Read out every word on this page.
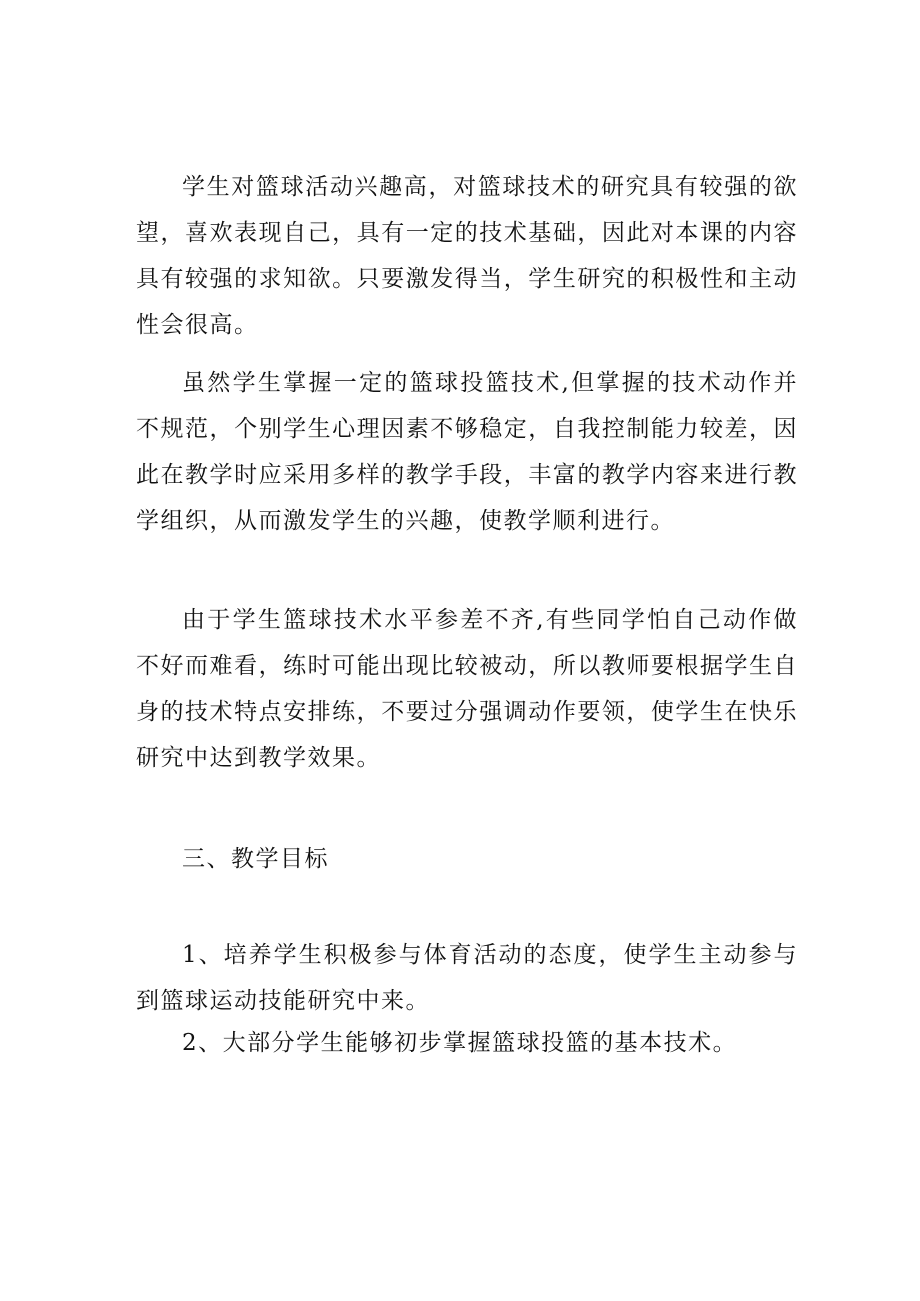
学生对篮球活动兴趣高，对篮球技术的研究具有较强的欲望，喜欢表现自己，具有一定的技术基础，因此对本课的内容具有较强的求知欲。只要激发得当，学生研究的积极性和主动性会很高。

虽然学生掌握一定的篮球投篮技术,但掌握的技术动作并不规范，个别学生心理因素不够稳定，自我控制能力较差，因此在教学时应采用多样的教学手段，丰富的教学内容来进行教学组织，从而激发学生的兴趣，使教学顺利进行。

由于学生篮球技术水平参差不齐,有些同学怕自己动作做不好而难看，练时可能出现比较被动，所以教师要根据学生自身的技术特点安排练，不要过分强调动作要领，使学生在快乐研究中达到教学效果。

三、教学目标

1、培养学生积极参与体育活动的态度，使学生主动参与到篮球运动技能研究中来。

2、大部分学生能够初步掌握篮球投篮的基本技术。
